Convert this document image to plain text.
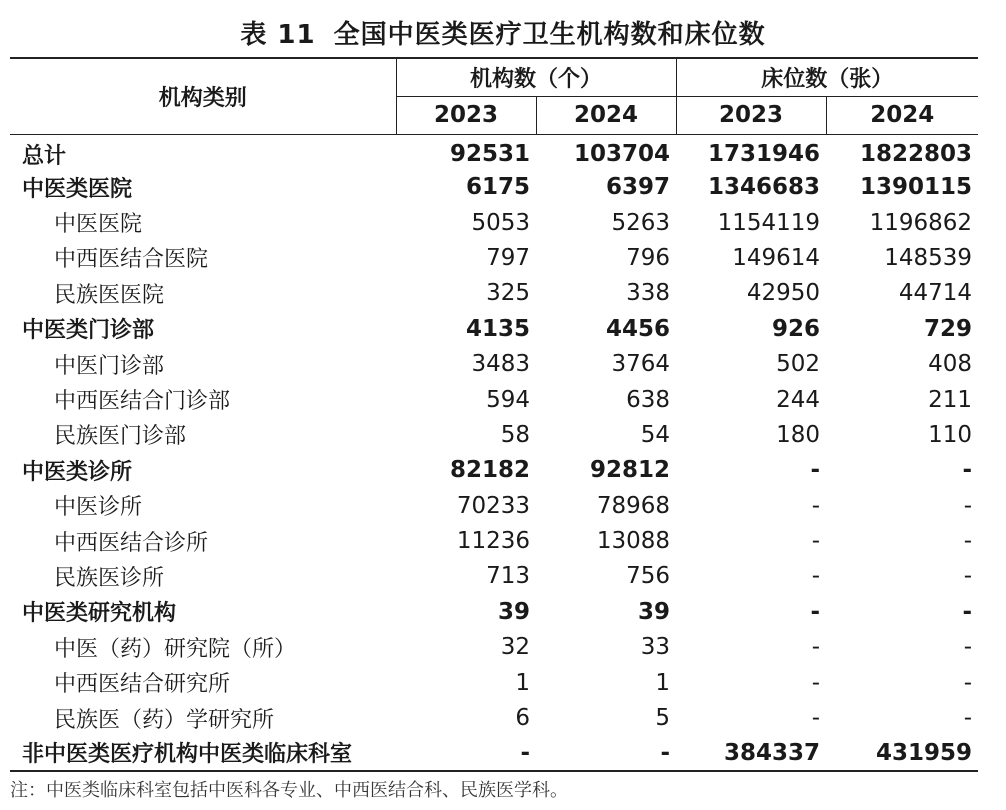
表 11 全国中医类医疗卫生机构数和床位数
机构类别	机构数（个）		床位数（张）	
	2023	2024	2023	2024
总计	92531	103704	1731946	1822803
中医类医院	6175	6397	1346683	1390115
中医医院	5053	5263	1154119	1196862
中西医结合医院	797	796	149614	148539
民族医医院	325	338	42950	44714
中医类门诊部	4135	4456	926	729
中医门诊部	3483	3764	502	408
中西医结合门诊部	594	638	244	211
民族医门诊部	58	54	180	110
中医类诊所	82182	92812	-	-
中医诊所	70233	78968	-	-
中西医结合诊所	11236	13088	-	-
民族医诊所	713	756	-	-
中医类研究机构	39	39	-	-
中医（药）研究院（所）	32	33	-	-
中西医结合研究所	1	1	-	-
民族医（药）学研究所	6	5	-	-
非中医类医疗机构中医类临床科室	-	-	384337	431959
注：中医类临床科室包括中医科各专业、中西医结合科、民族医学科。
